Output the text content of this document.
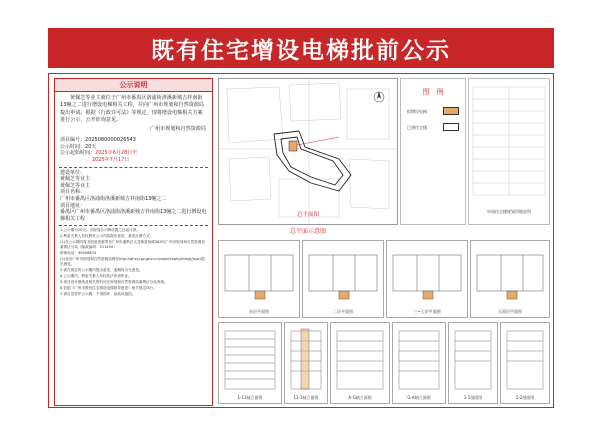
既有住宅增设电梯批前公示
公示说明

黄佩芝等业主就位于广州市番禺区洛浦街洛溪新城吉祥南街13幢之二进行增设电梯相关工程，并向广州市规划和自然资源局提出申请。根据《行政许可法》等规定，现将增设电梯相关方案进行公示，公开征询意见。

广州市规划和自然资源局

项目编号：2025080000026543
公示时间：20天
公示起始时间：2025年6月28日至
2025年7月17日
建设单位：
黄佩芝等业主
黄佩芝等业主
项目名称：
广州市番禺区洛浦街洛溪新城吉祥南街13幢之二
项目地址：
番禺区广州市番禺区洛浦街洛溪新城吉祥南街13幢之二进行增设电梯相关工程

1.公示期为20天，自规划告示牌设置之日起计算。

2.利害关系人有权利对公示内容提出意见，意见反馈方式：

(1)在公示期内将书面意见邮寄至广州市番禺区大龙街富怡路383号广州市规划和自然资源局番禺区分局（邮政编码：511450）

联系电话：39908874

(2)登录广州市规划和自然资源局网站http://ghzyj.gz.gov.cn/ywpd/csgh/ghxkjg/jzgc/提出意见。

3.请在规定的公示期内提出意见，逾期视为无意见。

4.公示期内，利害关系人有权依法申请听证。

5.项目设计图纸及相关资料可在规划和自然资源局番禺区分局查阅。

6.依据《广州市既有住宅增设电梯指导意见》相关规定执行。

7.请自觉爱护公示牌，不得损坏、涂改或遮挡。

总平面图
总平面示意图
图　例
拟增设电梯
已建住宅楼
申请住宅楼规划用地说明
首层平面图	二层平面图	三~七层平面图	天面层平面图
1-11轴立面图	11-1轴立面图	A-G轴立面图	G-A轴立面图	1-1剖面图	2-2剖面图
